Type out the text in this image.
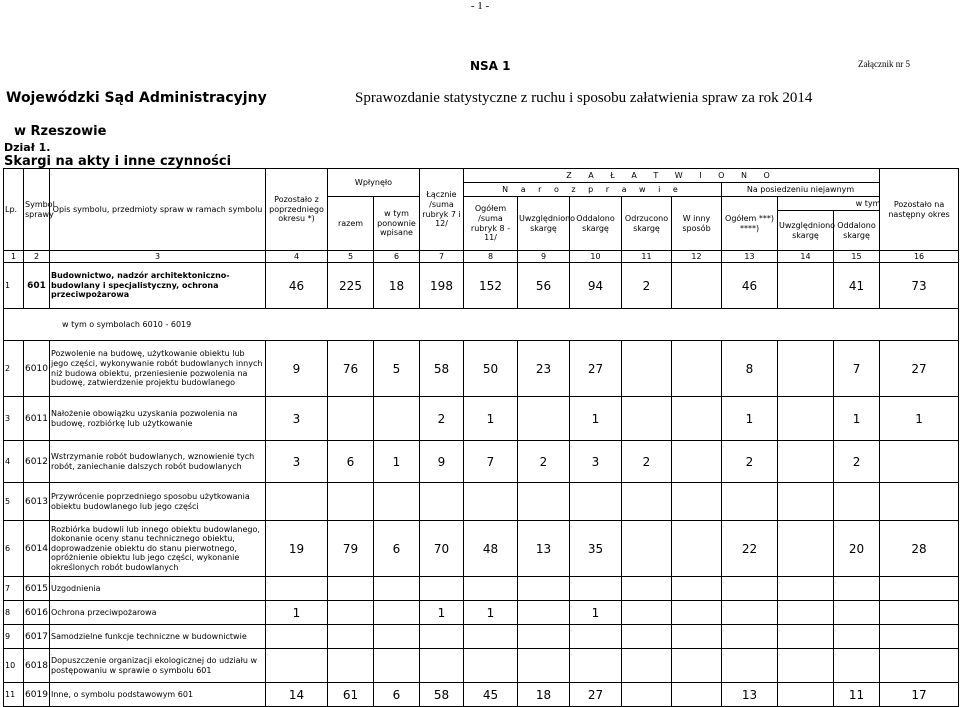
- 1 -
NSA 1	Załącznik nr 5
Wojewódzki Sąd Administracyjny	Sprawozdanie statystyczne z ruchu i sposobu załatwienia spraw za rok 2014
w Rzeszowie
Dział 1.
Skargi na akty i inne czynności
Lp.	Symbol sprawy	Opis symbolu, przedmioty spraw w ramach symbolu	Pozostało z poprzedniego okresu *)	Wpłynęło		Łącznie /suma rubryk 7 i 12/	Z A Ł A T W I O N O								Pozostało na następny okres	
							N a r o z p r a w i e					Na posiedzeniu niejawnym				
				razem	w tym ponownie wpisane		Ogółem /suma rubryk 8 - 11/	Uwzględniono skargę	Oddalono skargę	Odrzucono skargę	W inny sposób	Ogółem ***) ****)	w tym			
													Uwzględniono skargę	Oddalono skargę	
1	2	3	4	5	6	7	8	9	10	11	12	13	14	15	16	
1	601	Budownictwo, nadzór architektoniczno-budowlany i specjalistyczny, ochrona przeciwpożarowa	46	225	18	198	152	56	94	2		46		41	73	
w tym o symbolach 6010 - 6019																
2	6010	Pozwolenie na budowę, użytkowanie obiektu lub jego części, wykonywanie robót budowlanych innych niż budowa obiektu, przeniesienie pozwolenia na budowę, zatwierdzenie projektu budowlanego	9	76	5	58	50	23	27			8		7	27	
3	6011	Nałożenie obowiązku uzyskania pozwolenia na budowę, rozbiórkę lub użytkowanie	3			2	1		1			1		1	1	
4	6012	Wstrzymanie robót budowlanych, wznowienie tych robót, zaniechanie dalszych robót budowlanych	3	6	1	9	7	2	3	2		2		2		
5	6013	Przywrócenie poprzedniego sposobu użytkowania obiektu budowlanego lub jego części														
6	6014	Rozbiórka budowli lub innego obiektu budowlanego, dokonanie oceny stanu technicznego obiektu, doprowadzenie obiektu do stanu pierwotnego, opróżnienie obiektu lub jego części, wykonanie określonych robót budowlanych	19	79	6	70	48	13	35			22		20	28	
7	6015	Uzgodnienia														
8	6016	Ochrona przeciwpożarowa	1			1	1		1							
9	6017	Samodzielne funkcje techniczne w budownictwie														
10	6018	Dopuszczenie organizacji ekologicznej do udziału w postępowaniu w sprawie o symbolu 601														
11	6019	Inne, o symbolu podstawowym 601	14	61	6	58	45	18	27			13		11	17	
